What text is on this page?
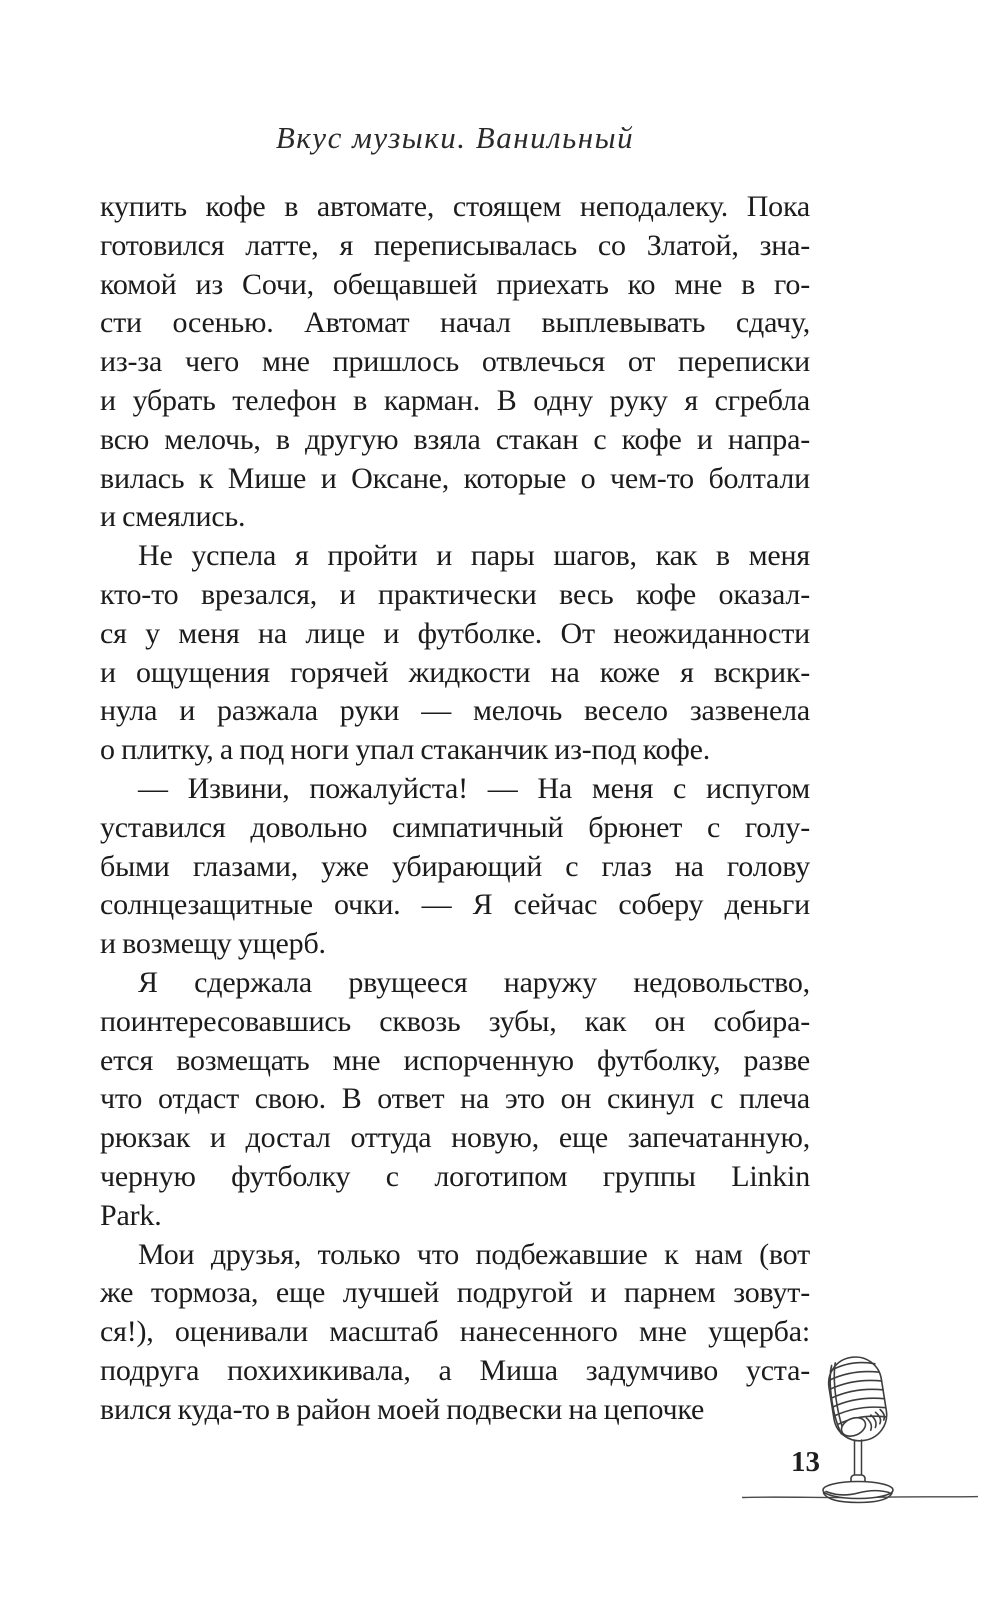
Вкус музыки. Ванильный
купить кофе в автомате, стоящем неподалеку. Пока
готовился латте, я переписывалась со Златой, зна-
комой из Сочи, обещавшей приехать ко мне в го-
сти осенью. Автомат начал выплевывать сдачу,
из-за чего мне пришлось отвлечься от переписки
и убрать телефон в карман. В одну руку я сгребла
всю мелочь, в другую взяла стакан с кофе и напра-
вилась к Мише и Оксане, которые о чем-то болтали
и смеялись.
Не успела я пройти и пары шагов, как в меня
кто-то врезался, и практически весь кофе оказал-
ся у меня на лице и футболке. От неожиданности
и ощущения горячей жидкости на коже я вскрик-
нула и разжала руки — мелочь весело зазвенела
о плитку, а под ноги упал стаканчик из-под кофе.
— Извини, пожалуйста! — На меня с испугом
уставился довольно симпатичный брюнет с голу-
быми глазами, уже убирающий с глаз на голову
солнцезащитные очки. — Я сейчас соберу деньги
и возмещу ущерб.
Я сдержала рвущееся наружу недовольство,
поинтересовавшись сквозь зубы, как он собира-
ется возмещать мне испорченную футболку, разве
что отдаст свою. В ответ на это он скинул с плеча
рюкзак и достал оттуда новую, еще запечатанную,
черную футболку с логотипом группы Linkin
Park.
Мои друзья, только что подбежавшие к нам (вот
же тормоза, еще лучшей подругой и парнем зовут-
ся!), оценивали масштаб нанесенного мне ущерба:
подруга похихикивала, а Миша задумчиво уста-
вился куда-то в район моей подвески на цепочке
13
